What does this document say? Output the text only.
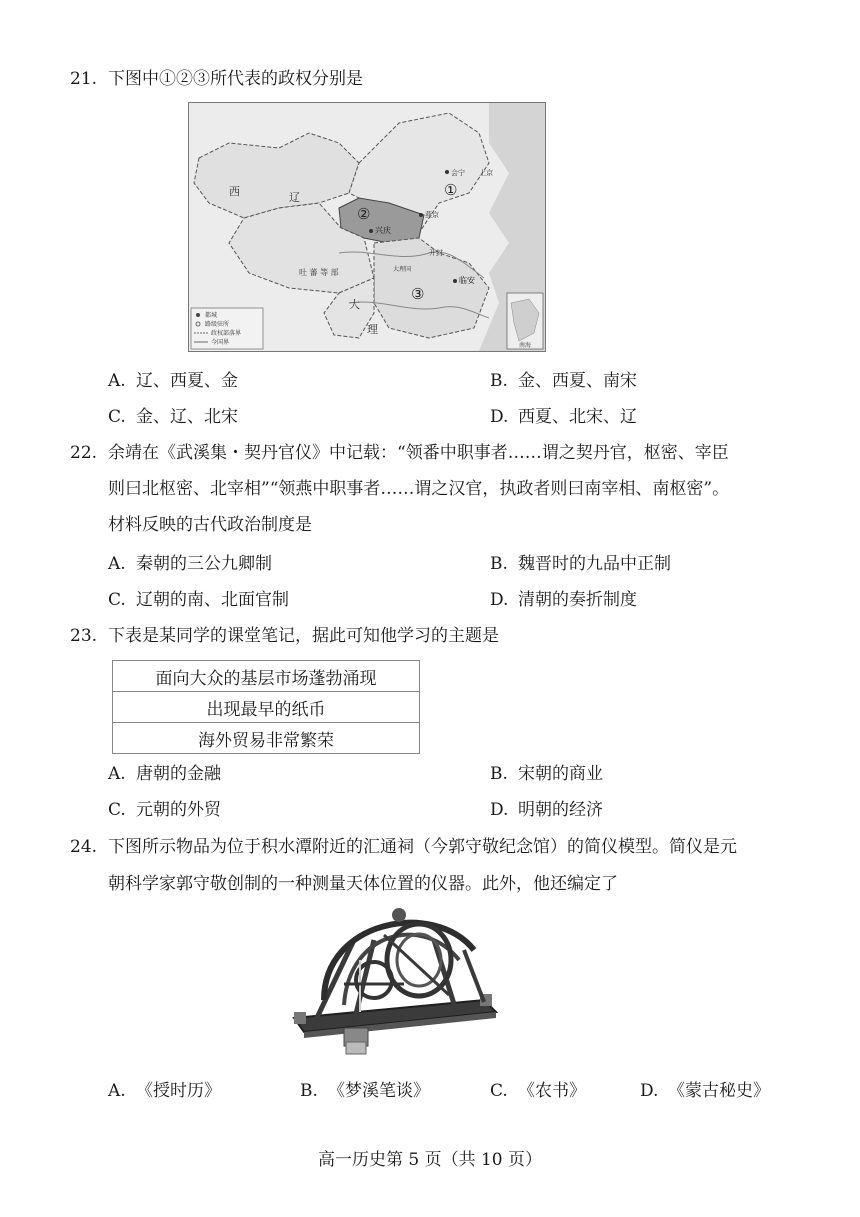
21. 下图中①②③所代表的政权分别是
西	辽	①
②
③
会宁 上京
燕京
兴庆
开封
吐 蕃 等 部
大
理
临安
大理国
都城
路级驻所
政权部落界
今国界	南海
A. 辽、西夏、金	B. 金、西夏、南宋
C. 金、辽、北宋	D. 西夏、北宋、辽
22. 余靖在《武溪集・契丹官仪》中记载：“领番中职事者……谓之契丹官，枢密、宰臣
则曰北枢密、北宰相”“领燕中职事者……谓之汉官，执政者则曰南宰相、南枢密”。
材料反映的古代政治制度是
A. 秦朝的三公九卿制	B. 魏晋时的九品中正制
C. 辽朝的南、北面官制	D. 清朝的奏折制度
23. 下表是某同学的课堂笔记，据此可知他学习的主题是
面向大众的基层市场蓬勃涌现
出现最早的纸币
海外贸易非常繁荣
A. 唐朝的金融	B. 宋朝的商业
C. 元朝的外贸	D. 明朝的经济
24. 下图所示物品为位于积水潭附近的汇通祠（今郭守敬纪念馆）的简仪模型。简仪是元
朝科学家郭守敬创制的一种测量天体位置的仪器。此外，他还编定了
A. 《授时历》	B. 《梦溪笔谈》	C. 《农书》	D. 《蒙古秘史》
高一历史第 5 页（共 10 页）
